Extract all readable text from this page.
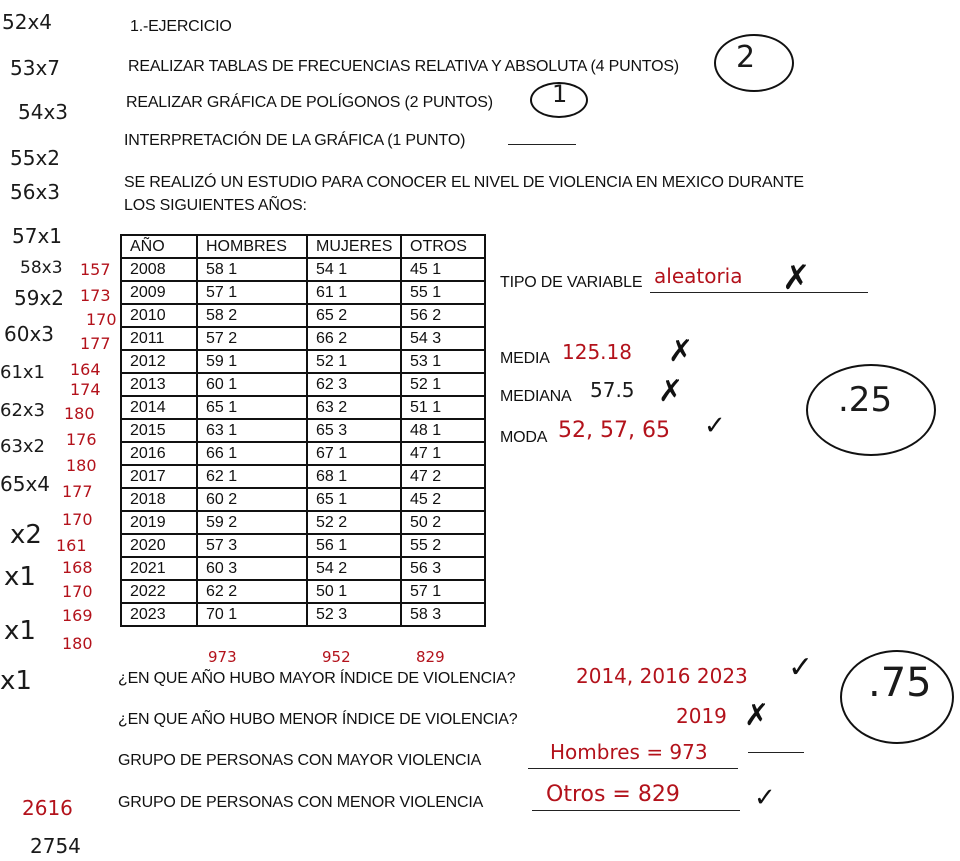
52x4
53x7
54x3
55x2
56x3
57x1
58x3
59x2
60x3
61x1
62x3
63x2
65x4
x2
x1
x1
x1
157
173
170
177
164
174
180
176
180
177
170
161
168
170
169
180
2616
2754
1.-EJERCICIO
REALIZAR TABLAS DE FRECUENCIAS RELATIVA Y ABSOLUTA (4 PUNTOS)
REALIZAR GRÁFICA DE POLÍGONOS (2 PUNTOS)
INTERPRETACIÓN DE LA GRÁFICA (1 PUNTO)
2
1
SE REALIZÓ UN ESTUDIO PARA CONOCER EL NIVEL DE VIOLENCIA EN MEXICO DURANTE
LOS SIGUIENTES AÑOS:
AÑO	HOMBRES	MUJERES	OTROS
2008	58 1	54 1	45 1
2009	57 1	61 1	55 1
2010	58 2	65 2	56 2
2011	57 2	66 2	54 3
2012	59 1	52 1	53 1
2013	60 1	62 3	52 1
2014	65 1	63 2	51 1
2015	63 1	65 3	48 1
2016	66 1	67 1	47 1
2017	62 1	68 1	47 2
2018	60 2	65 1	45 2
2019	59 2	52 2	50 2
2020	57 3	56 1	55 2
2021	60 3	54 2	56 3
2022	62 2	50 1	57 1
2023	70 1	52 3	58 3
973	952	829
TIPO DE VARIABLE aleatoria ✗
MEDIA 125.18 ✗
MEDIANA 57.5 ✗
MODA 52, 57, 65 ✓
.25
¿EN QUE AÑO HUBO MAYOR ÍNDICE DE VIOLENCIA?	2014, 2016 2023 ✓
¿EN QUE AÑO HUBO MENOR ÍNDICE DE VIOLENCIA?	2019 ✗
GRUPO DE PERSONAS CON MAYOR VIOLENCIA	Hombres = 973
GRUPO DE PERSONAS CON MENOR VIOLENCIA	Otros = 829	✓
.75
